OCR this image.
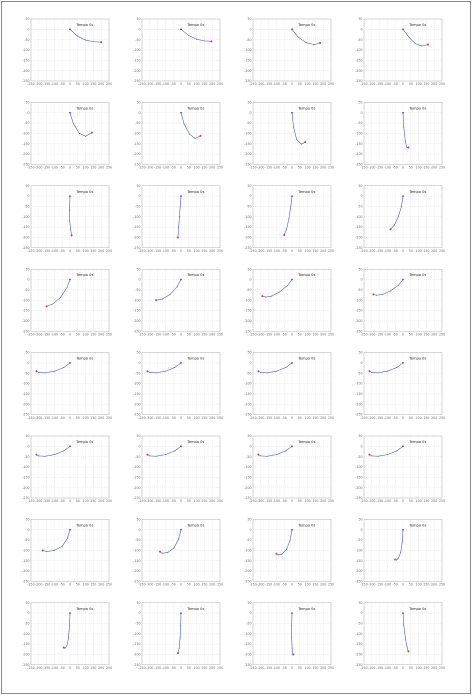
-250 -200 -150 -100 -50 0 50 100 150 200 250
50
0
-50
-100
-150
-200
-250
Tempo 0s
-250 -200 -150 -100 -50 0 50 100 150 200 250
50
0
-50
-100
-150
-200
-250
Tempo 0s
-250 -200 -150 -100 -50 0 50 100 150 200 250
50
0
-50
-100
-150
-200
-250
Tempo 0s
-250 -200 -150 -100 -50 0 50 100 150 200 250
50
0
-50
-100
-150
-200
-250
Tempo 0s
-250 -200 -150 -100 -50 0 50 100 150 200 250
50
0
-50
-100
-150
-200
-250
Tempo 0s
-250 -200 -150 -100 -50 0 50 100 150 200 250
50
0
-50
-100
-150
-200
-250
Tempo 0s
-250 -200 -150 -100 -50 0 50 100 150 200 250
50
0
-50
-100
-150
-200
-250
Tempo 0s
-250 -200 -150 -100 -50 0 50 100 150 200 250
50
0
-50
-100
-150
-200
-250
Tempo 0s
-250 -200 -150 -100 -50 0 50 100 150 200 250
50
0
-50
-100
-150
-200
-250
Tempo 0s
-250 -200 -150 -100 -50 0 50 100 150 200 250
50
0
-50
-100
-150
-200
-250
Tempo 0s
-250 -200 -150 -100 -50 0 50 100 150 200 250
50
0
-50
-100
-150
-200
-250
Tempo 0s
-250 -200 -150 -100 -50 0 50 100 150 200 250
50
0
-50
-100
-150
-200
-250
Tempo 0s
-250 -200 -150 -100 -50 0 50 100 150 200 250
50
0
-50
-100
-150
-200
-250
Tempo 0s
-250 -200 -150 -100 -50 0 50 100 150 200 250
50
0
-50
-100
-150
-200
-250
Tempo 0s
-250 -200 -150 -100 -50 0 50 100 150 200 250
50
0
-50
-100
-150
-200
-250
Tempo 0s
-250 -200 -150 -100 -50 0 50 100 150 200 250
50
0
-50
-100
-150
-200
-250
Tempo 0s
-250 -200 -150 -100 -50 0 50 100 150 200 250
50
0
-50
-100
-150
-200
-250
Tempo 0s
-250 -200 -150 -100 -50 0 50 100 150 200 250
50
0
-50
-100
-150
-200
-250
Tempo 0s
-250 -200 -150 -100 -50 0 50 100 150 200 250
50
0
-50
-100
-150
-200
-250
Tempo 0s
-250 -200 -150 -100 -50 0 50 100 150 200 250
50
0
-50
-100
-150
-200
-250
Tempo 0s
-250 -200 -150 -100 -50 0 50 100 150 200 250
50
0
-50
-100
-150
-200
-250
Tempo 0s
-250 -200 -150 -100 -50 0 50 100 150 200 250
50
0
-50
-100
-150
-200
-250
Tempo 0s
-250 -200 -150 -100 -50 0 50 100 150 200 250
50
0
-50
-100
-150
-200
-250
Tempo 0s
-250 -200 -150 -100 -50 0 50 100 150 200 250
50
0
-50
-100
-150
-200
-250
Tempo 0s
-250 -200 -150 -100 -50 0 50 100 150 200 250
50
0
-50
-100
-150
-200
-250
Tempo 0s
-250 -200 -150 -100 -50 0 50 100 150 200 250
50
0
-50
-100
-150
-200
-250
Tempo 0s
-250 -200 -150 -100 -50 0 50 100 150 200 250
50
0
-50
-100
-150
-200
-250
Tempo 0s
-250 -200 -150 -100 -50 0 50 100 150 200 250
50
0
-50
-100
-150
-200
-250
Tempo 0s
-250 -200 -150 -100 -50 0 50 100 150 200 250
50
0
-50
-100
-150
-200
-250
Tempo 0s
-250 -200 -150 -100 -50 0 50 100 150 200 250
50
0
-50
-100
-150
-200
-250
Tempo 0s
-250 -200 -150 -100 -50 0 50 100 150 200 250
50
0
-50
-100
-150
-200
-250
Tempo 0s
-250 -200 -150 -100 -50 0 50 100 150 200 250
50
0
-50
-100
-150
-200
-250
Tempo 0s
